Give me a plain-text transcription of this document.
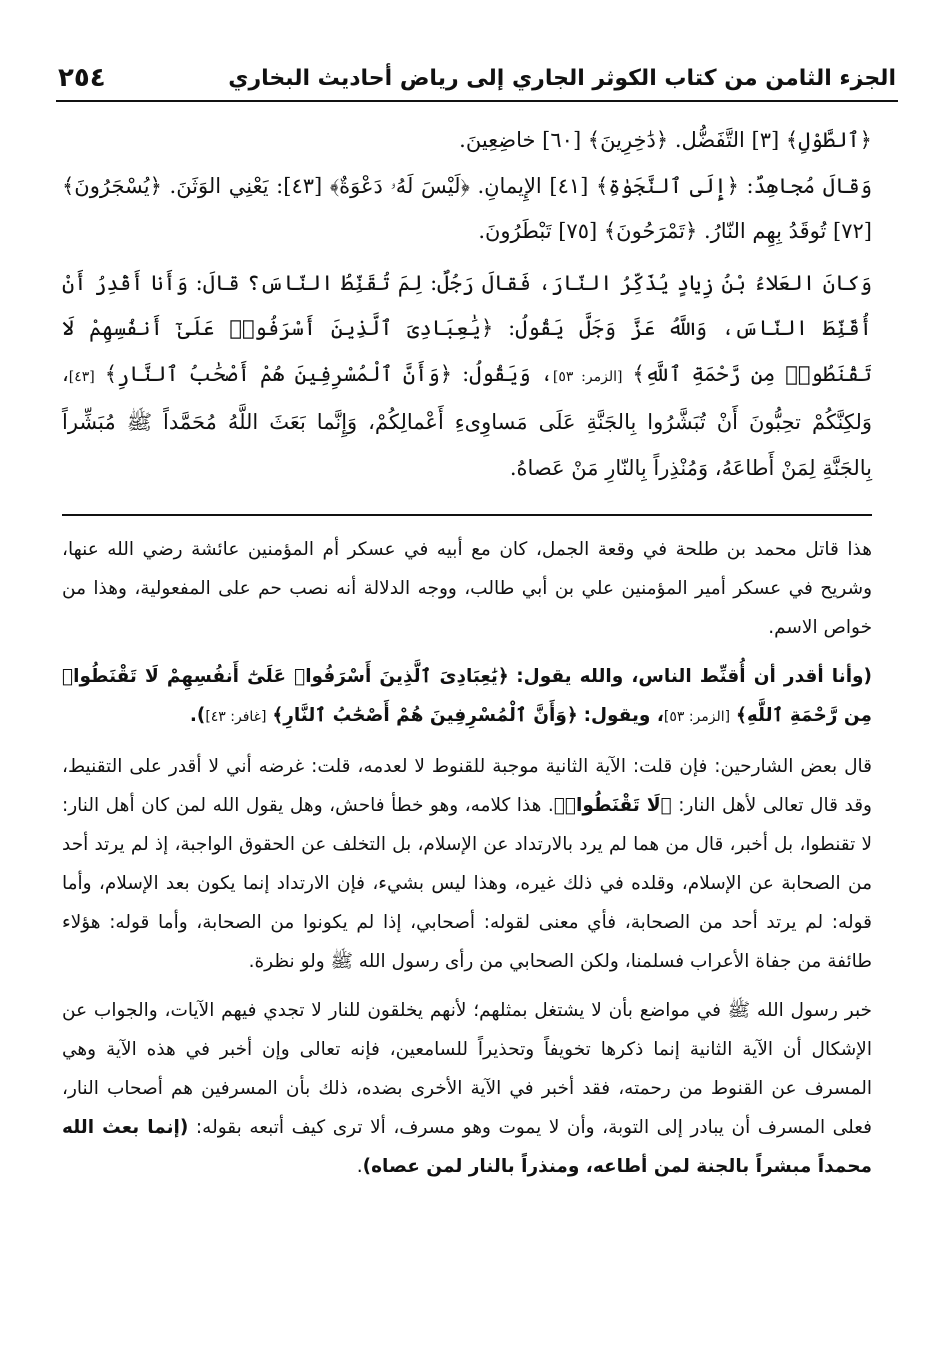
٢٥٤	الجزء الثامن من كتاب الكوثر الجاري إلى رياض أحاديث البخاري

﴿ٱلطَّوْلِ﴾ [٣] التَّفَضُّل. ﴿دَٰخِرِينَ﴾ [٦٠] خاضِعِينَ.

وَقالَ مُجاهِدٌ: ﴿إِلَى ٱلنَّجَوٰةِ﴾ [٤١] الإِيمانِ. ﴿لَيْسَ لَهُۥ دَعْوَةٌ﴾ [٤٣]: يَعْنِي الوَثَنَ. ﴿يُسْجَرُونَ﴾ [٧٢] تُوقَدُ بِهِم النّارُ. ﴿تَمْرَحُونَ﴾ [٧٥] تَبْطَرُونَ.

وَكانَ العَلاءُ بْنُ زِيادٍ يُذَكِّرُ النّارَ، فَقالَ رَجُلٌ: لِمَ تُقَنِّطُ النّاسَ؟ قالَ: وَأَنا أَقْدِرُ أَنْ أُقَنِّطَ النّاسَ، وَاللَّهُ عَزَّ وَجَلَّ يَقُولُ: ﴿يَٰعِبَادِىَ ٱلَّذِينَ أَسْرَفُوا۟ عَلَىٰٓ أَنفُسِهِمْ لَا تَقْنَطُوا۟ مِن رَّحْمَةِ ٱللَّهِ﴾ [الزمر: ٥٣]، وَيَقُولُ: ﴿وَأَنَّ ٱلْمُسْرِفِينَ هُمْ أَصْحَٰبُ ٱلنَّارِ﴾ [٤٣]، وَلكِنَّكُمْ تحِبُّونَ أَنْ تُبَشَّرُوا بِالجَنَّةِ عَلَى مَساوِىءِ أَعْمالِكُمْ، وَإِنَّما بَعَثَ اللَّهُ مُحَمَّداً ﷺ مُبَشِّراً بِالجَنَّةِ لِمَنْ أَطاعَهُ، وَمُنْذِراً بِالنّارِ مَنْ عَصاهُ.

هذا قاتل محمد بن طلحة في وقعة الجمل، كان مع أبيه في عسكر أم المؤمنين عائشة رضي الله عنها، وشريح في عسكر أمير المؤمنين علي بن أبي طالب، ووجه الدلالة أنه نصب حم على المفعولية، وهذا من خواص الاسم.

(وأنا أقدر أن أُقنِّط الناس، والله يقول: ﴿يَٰعِبَادِىَ ٱلَّذِينَ أَسْرَفُوا۟ عَلَىٰٓ أَنفُسِهِمْ لَا تَقْنَطُوا۟ مِن رَّحْمَةِ ٱللَّهِ﴾ [الزمر: ٥٣]، ويقول: ﴿وَأَنَّ ٱلْمُسْرِفِينَ هُمْ أَصْحَٰبُ ٱلنَّارِ﴾ [غافر: ٤٣]).

قال بعض الشارحين: فإن قلت: الآية الثانية موجبة للقنوط لا لعدمه، قلت: غرضه أني لا أقدر على التقنيط، وقد قال تعالى لأهل النار: ﴿لَا تَقْنَطُوا۟﴾. هذا كلامه، وهو خطأ فاحش، وهل يقول الله لمن كان أهل النار: لا تقنطوا، بل أخبر، قال من هما لم يرد بالارتداد عن الإسلام، بل التخلف عن الحقوق الواجبة، إذ لم يرتد أحد من الصحابة عن الإسلام، وقلده في ذلك غيره، وهذا ليس بشيء، فإن الارتداد إنما يكون بعد الإسلام، وأما قوله: لم يرتد أحد من الصحابة، فأي معنى لقوله: أصحابي، إذا لم يكونوا من الصحابة، وأما قوله: هؤلاء طائفة من جفاة الأعراب فسلمنا، ولكن الصحابي من رأى رسول الله ﷺ ولو نظرة.

خبر رسول الله ﷺ في مواضع بأن لا يشتغل بمثلهم؛ لأنهم يخلقون للنار لا تجدي فيهم الآيات، والجواب عن الإشكال أن الآية الثانية إنما ذكرها تخويفاً وتحذيراً للسامعين، فإنه تعالى وإن أخبر في هذه الآية وهي المسرف عن القنوط من رحمته، فقد أخبر في الآية الأخرى بضده، ذلك بأن المسرفين هم أصحاب النار، فعلى المسرف أن يبادر إلى التوبة، وأن لا يموت وهو مسرف، ألا ترى كيف أتبعه بقوله: (إنما بعث الله محمداً مبشراً بالجنة لمن أطاعه، ومنذراً بالنار لمن عصاه).
